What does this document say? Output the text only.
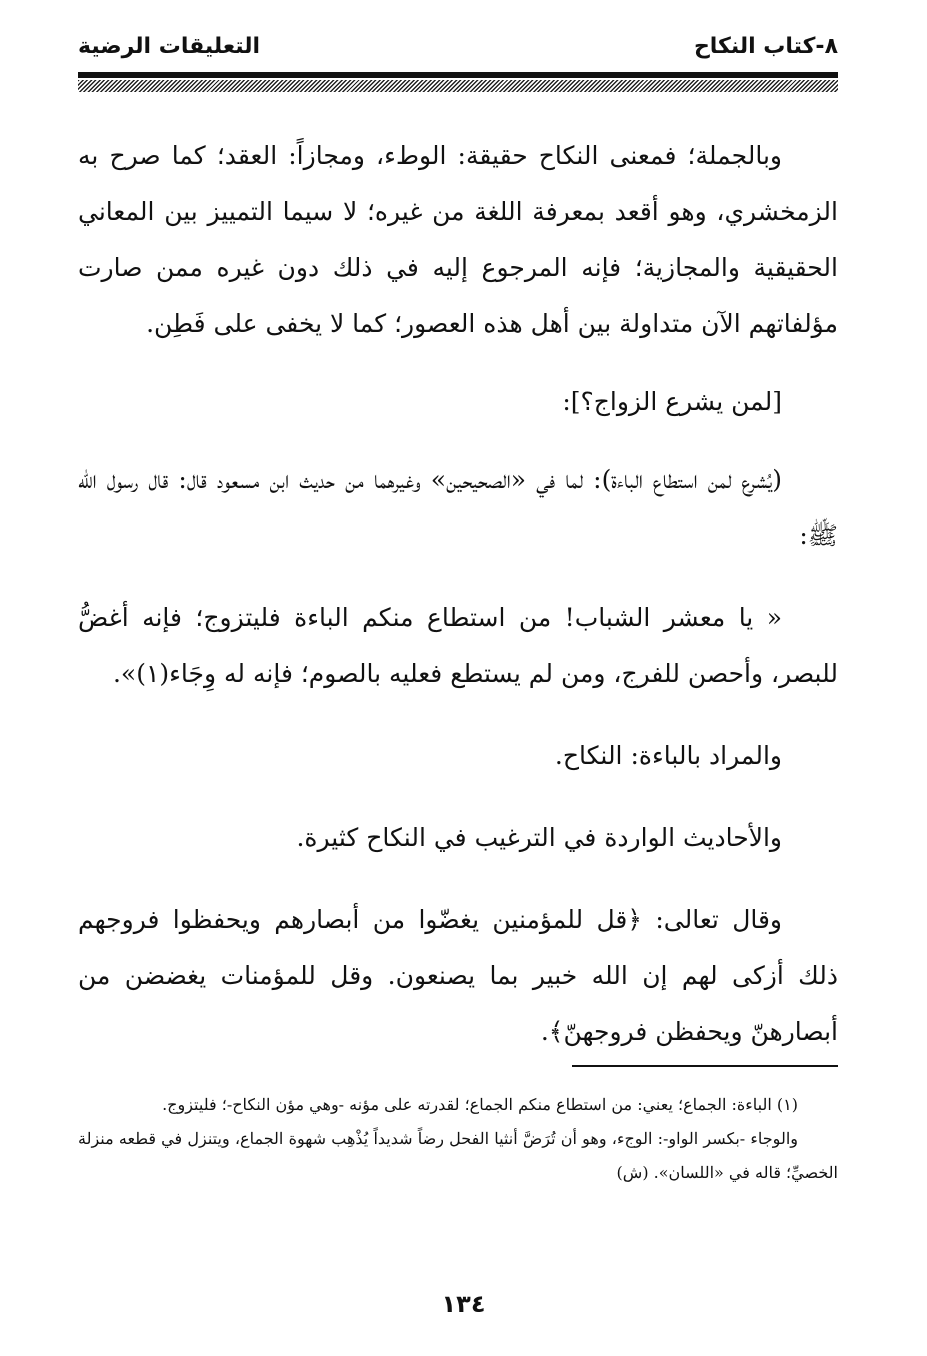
٨-كتاب النكاح
التعليقات الرضية

وبالجملة؛ فمعنى النكاح حقيقة: الوطء، ومجازاً: العقد؛ كما صرح به الزمخشري، وهو أقعد بمعرفة اللغة من غيره؛ لا سيما التمييز بين المعاني الحقيقية والمجازية؛ فإنه المرجوع إليه في ذلك دون غيره ممن صارت مؤلفاتهم الآن متداولة بين أهل هذه العصور؛ كما لا يخفى على فَطِن.

[لمن يشرع الزواج؟]:

(يُشرع لمن استطاع الباءة): لما في «الصحيحين» وغيرهما من حديث ابن مسعود قال: قال رسول الله ﷺ:

« يا معشر الشباب! من استطاع منكم الباءة فليتزوج؛ فإنه أغضُّ للبصر، وأحصن للفرج، ومن لم يستطع فعليه بالصوم؛ فإنه له وِجَاء(١)».

والمراد بالباءة: النكاح.

والأحاديث الواردة في الترغيب في النكاح كثيرة.

وقال تعالى: ﴿قل للمؤمنين يغضّوا من أبصارهم ويحفظوا فروجهم ذلك أزكى لهم إن الله خبير بما يصنعون. وقل للمؤمنات يغضضن من أبصارهنّ ويحفظن فروجهنّ﴾.

(١) الباءة: الجماع؛ يعني: من استطاع منكم الجماع؛ لقدرته على مؤنه -وهي مؤن النكاح-؛ فليتزوج.

والوجاء -بكسر الواو-: الوجء، وهو أن تُرَضَّ أنثيا الفحل رضاً شديداً يُذْهِب شهوة الجماع، ويتنزل في قطعه منزلة الخصيِّ؛ قاله في «اللسان». (ش)

١٣٤
